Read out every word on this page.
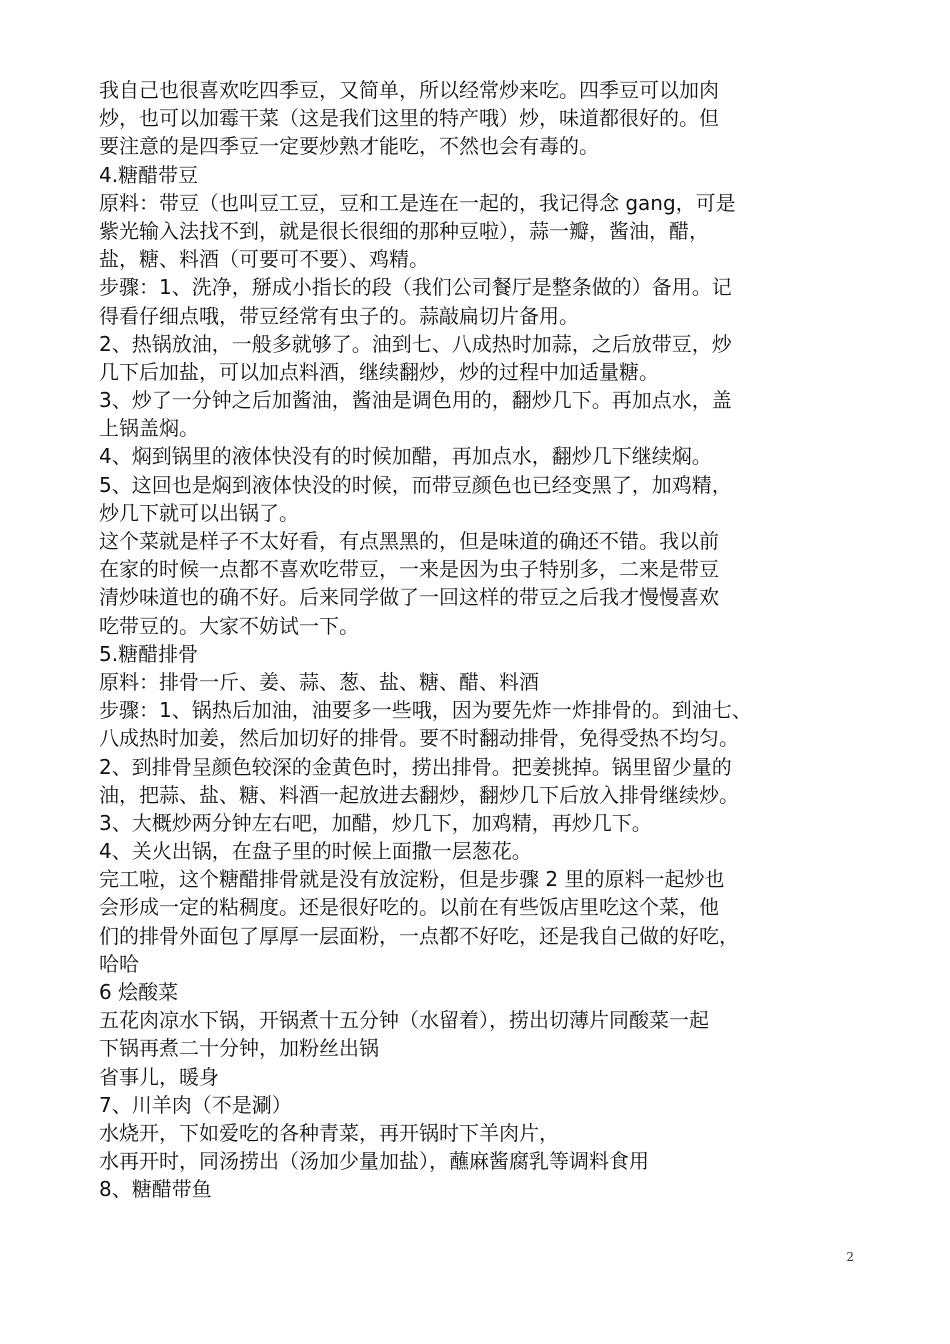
我自己也很喜欢吃四季豆，又简单，所以经常炒来吃。四季豆可以加肉
炒，也可以加霉干菜（这是我们这里的特产哦）炒，味道都很好的。但
要注意的是四季豆一定要炒熟才能吃，不然也会有毒的。
4.糖醋带豆
原料：带豆（也叫豆工豆，豆和工是连在一起的，我记得念 gang，可是
紫光输入法找不到，就是很长很细的那种豆啦），蒜一瓣，酱油，醋，
盐，糖、料酒（可要可不要）、鸡精。
步骤：1、洗净，掰成小指长的段（我们公司餐厅是整条做的）备用。记
得看仔细点哦，带豆经常有虫子的。蒜敲扁切片备用。
2、热锅放油，一般多就够了。油到七、八成热时加蒜，之后放带豆，炒
几下后加盐，可以加点料酒，继续翻炒，炒的过程中加适量糖。
3、炒了一分钟之后加酱油，酱油是调色用的，翻炒几下。再加点水，盖
上锅盖焖。
4、焖到锅里的液体快没有的时候加醋，再加点水，翻炒几下继续焖。
5、这回也是焖到液体快没的时候，而带豆颜色也已经变黑了，加鸡精，
炒几下就可以出锅了。
这个菜就是样子不太好看，有点黑黑的，但是味道的确还不错。我以前
在家的时候一点都不喜欢吃带豆，一来是因为虫子特别多，二来是带豆
清炒味道也的确不好。后来同学做了一回这样的带豆之后我才慢慢喜欢
吃带豆的。大家不妨试一下。
5.糖醋排骨
原料：排骨一斤、姜、蒜、葱、盐、糖、醋、料酒
步骤：1、锅热后加油，油要多一些哦，因为要先炸一炸排骨的。到油七、
八成热时加姜，然后加切好的排骨。要不时翻动排骨，免得受热不均匀。
2、到排骨呈颜色较深的金黄色时，捞出排骨。把姜挑掉。锅里留少量的
油，把蒜、盐、糖、料酒一起放进去翻炒，翻炒几下后放入排骨继续炒。
3、大概炒两分钟左右吧，加醋，炒几下，加鸡精，再炒几下。
4、关火出锅，在盘子里的时候上面撒一层葱花。
完工啦，这个糖醋排骨就是没有放淀粉，但是步骤 2 里的原料一起炒也
会形成一定的粘稠度。还是很好吃的。以前在有些饭店里吃这个菜，他
们的排骨外面包了厚厚一层面粉，一点都不好吃，还是我自己做的好吃，
哈哈
6 烩酸菜
五花肉凉水下锅，开锅煮十五分钟（水留着），捞出切薄片同酸菜一起
下锅再煮二十分钟，加粉丝出锅
省事儿，暖身
7、川羊肉（不是涮）
水烧开，下如爱吃的各种青菜，再开锅时下羊肉片，
水再开时，同汤捞出（汤加少量加盐），蘸麻酱腐乳等调料食用
8、糖醋带鱼
2
